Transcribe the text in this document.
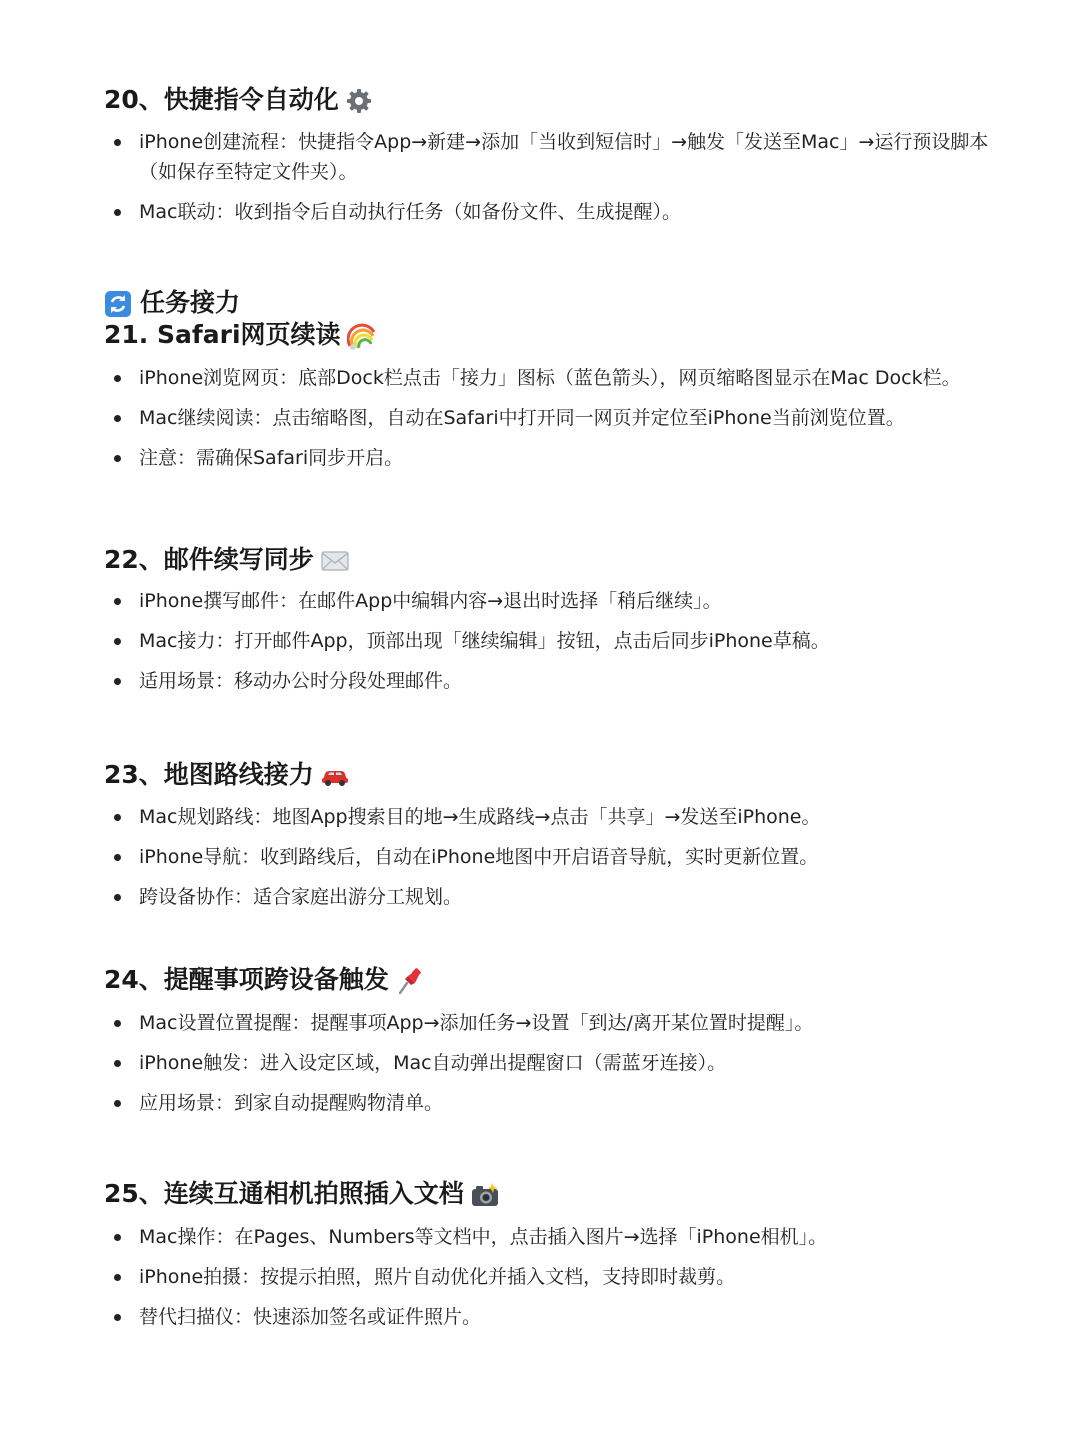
20、快捷指令自动化
iPhone创建流程：快捷指令App→新建→添加「当收到短信时」→触发「发送至Mac」→运行预设脚本（如保存至特定文件夹）。
Mac联动：收到指令后自动执行任务（如备份文件、生成提醒）。
任务接力
21. Safari网页续读
iPhone浏览网页：底部Dock栏点击「接力」图标（蓝色箭头），网页缩略图显示在Mac Dock栏。
Mac继续阅读：点击缩略图，自动在Safari中打开同一网页并定位至iPhone当前浏览位置。
注意：需确保Safari同步开启。
22、邮件续写同步
iPhone撰写邮件：在邮件App中编辑内容→退出时选择「稍后继续」。
Mac接力：打开邮件App，顶部出现「继续编辑」按钮，点击后同步iPhone草稿。
适用场景：移动办公时分段处理邮件。
23、地图路线接力
Mac规划路线：地图App搜索目的地→生成路线→点击「共享」→发送至iPhone。
iPhone导航：收到路线后，自动在iPhone地图中开启语音导航，实时更新位置。
跨设备协作：适合家庭出游分工规划。
24、提醒事项跨设备触发
Mac设置位置提醒：提醒事项App→添加任务→设置「到达/离开某位置时提醒」。
iPhone触发：进入设定区域，Mac自动弹出提醒窗口（需蓝牙连接）。
应用场景：到家自动提醒购物清单。
25、连续互通相机拍照插入文档
Mac操作：在Pages、Numbers等文档中，点击插入图片→选择「iPhone相机」。
iPhone拍摄：按提示拍照，照片自动优化并插入文档，支持即时裁剪。
替代扫描仪：快速添加签名或证件照片。
